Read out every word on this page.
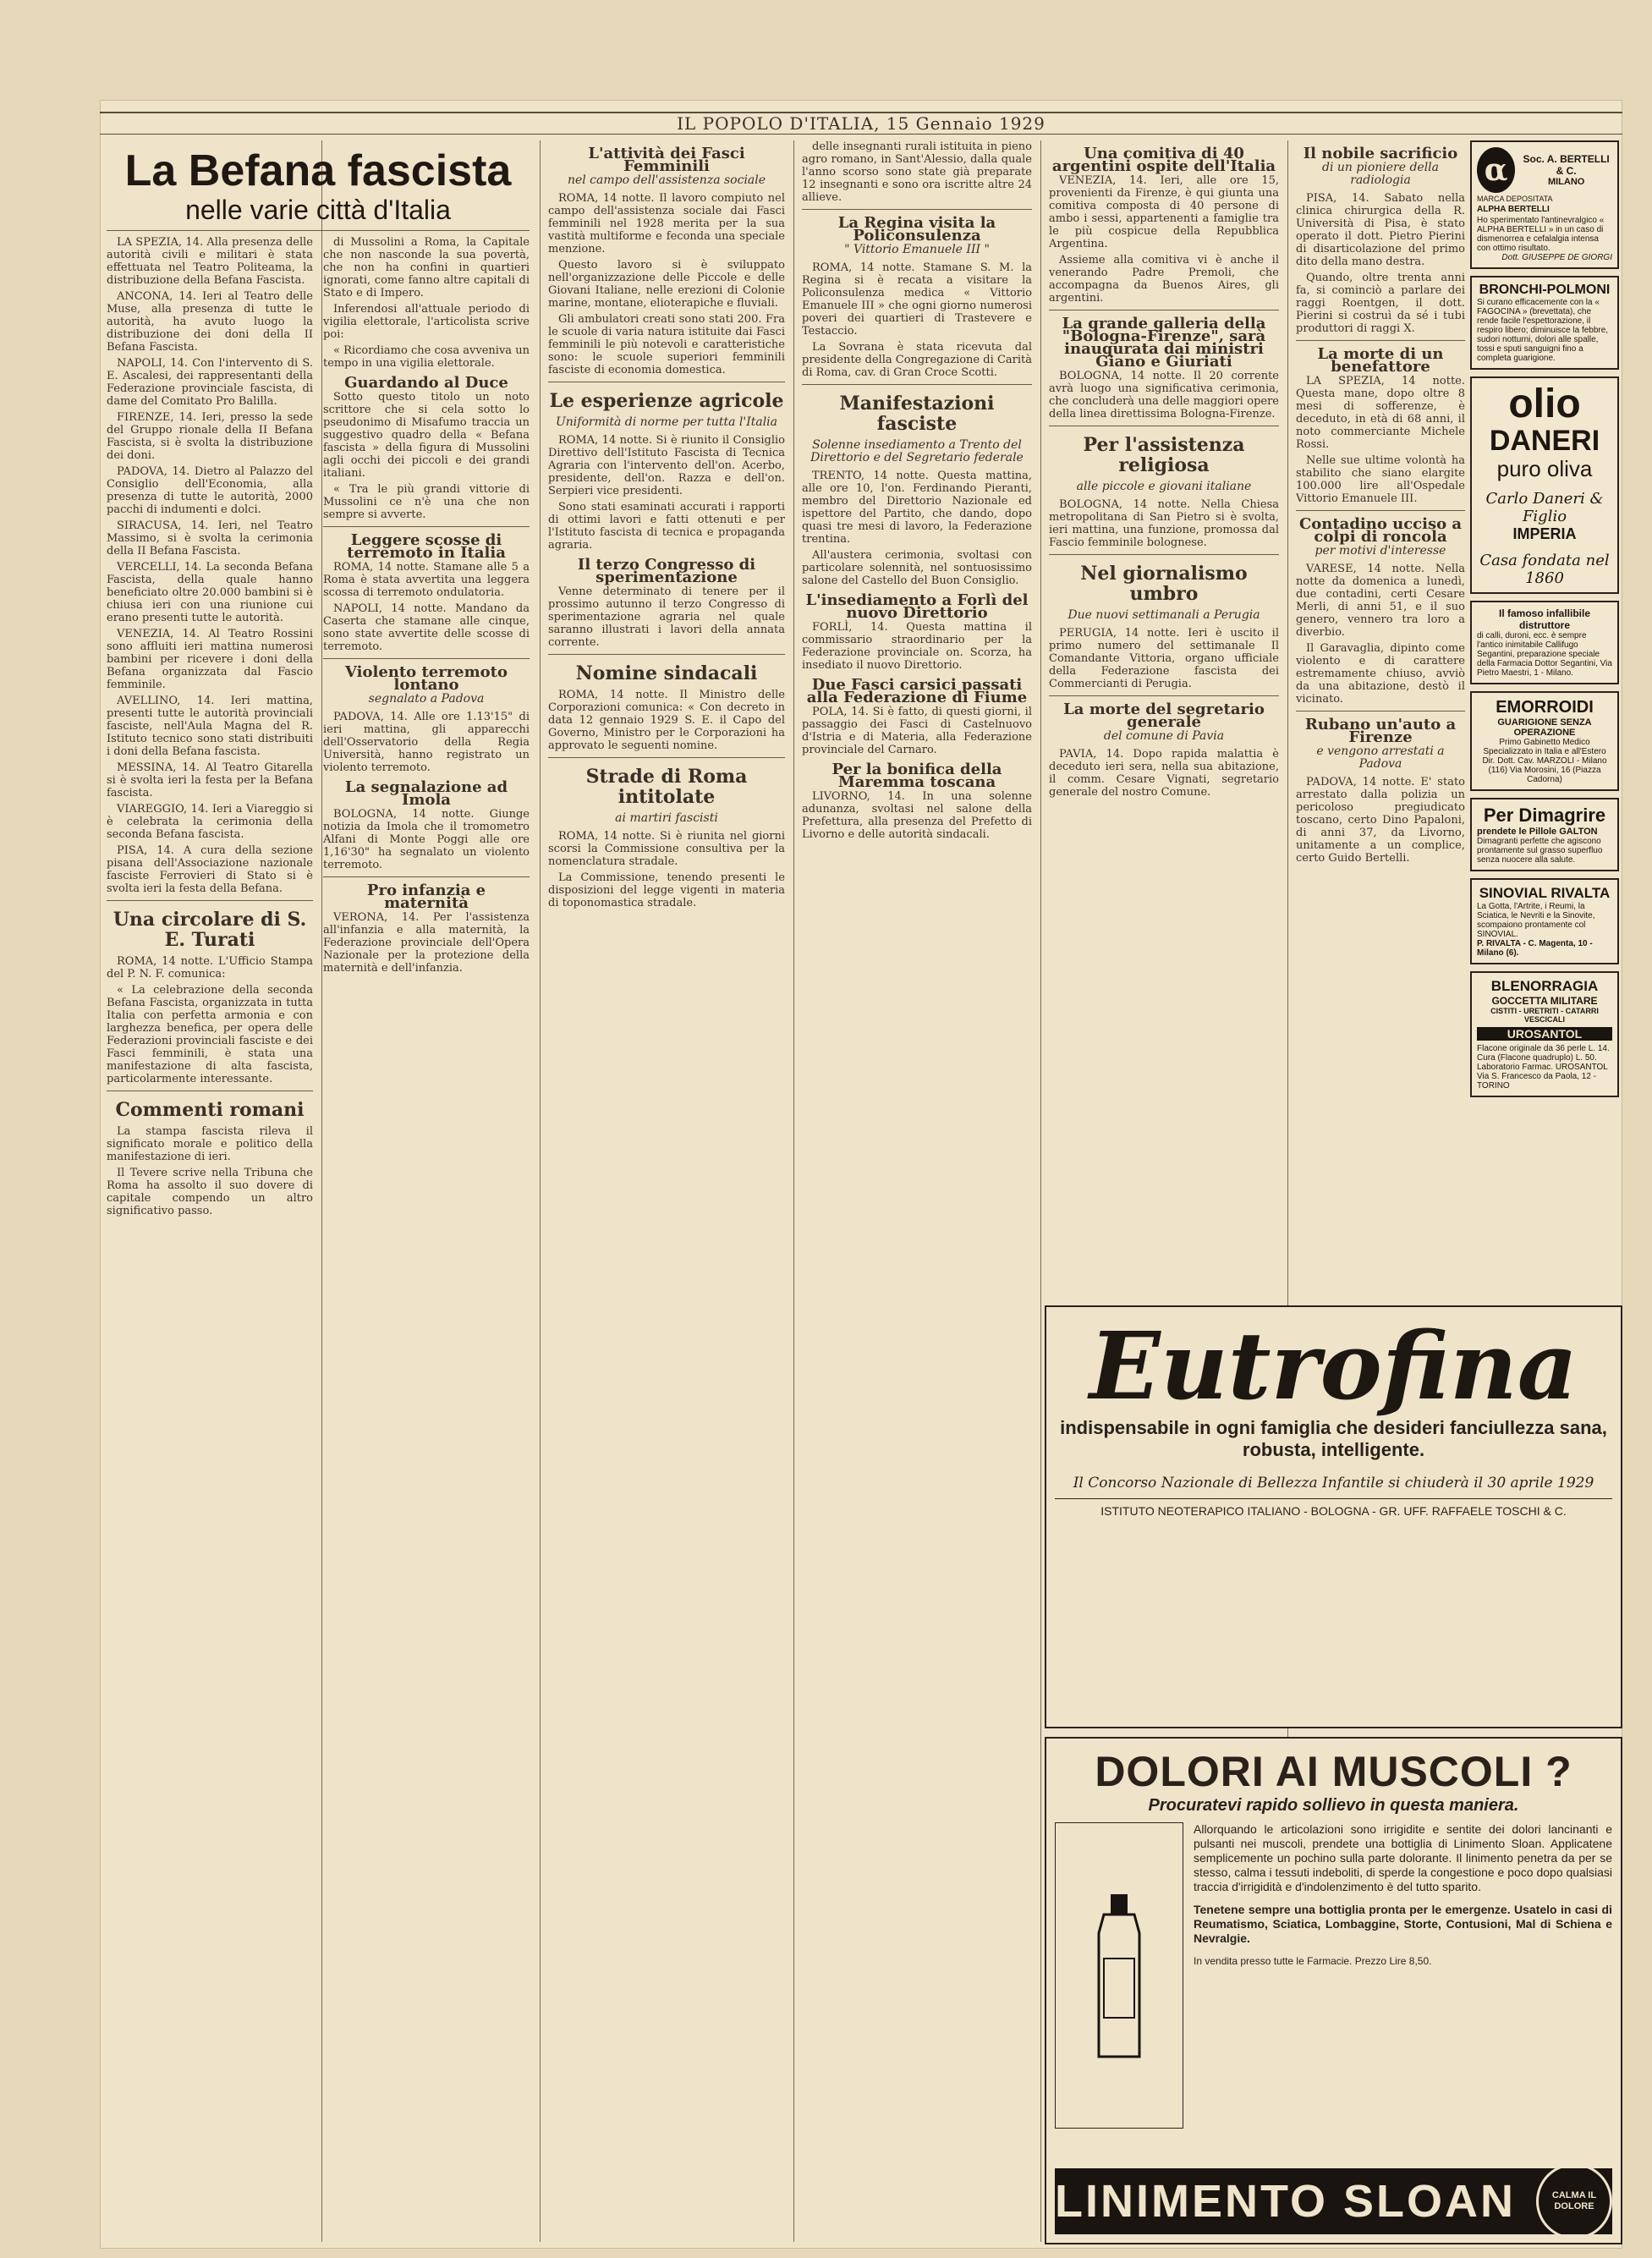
IL POPOLO D'ITALIA, 15 Gennaio 1929
La Befana fascista
nelle varie città d'Italia

LA SPEZIA, 14. Alla presenza delle autorità civili e militari è stata effettuata nel Teatro Politeama, la distribuzione della Befana Fascista.

ANCONA, 14. Ieri al Teatro delle Muse, alla presenza di tutte le autorità, ha avuto luogo la distribuzione dei doni della II Befana Fascista.

NAPOLI, 14. Con l'intervento di S. E. Ascalesi, dei rappresentanti della Federazione provinciale fascista, di dame del Comitato Pro Balilla.

FIRENZE, 14. Ieri, presso la sede del Gruppo rionale della II Befana Fascista, si è svolta la distribuzione dei doni.

PADOVA, 14. Dietro al Palazzo del Consiglio dell'Economia, alla presenza di tutte le autorità, 2000 pacchi di indumenti e dolci.

SIRACUSA, 14. Ieri, nel Teatro Massimo, si è svolta la cerimonia della II Befana Fascista.

VERCELLI, 14. La seconda Befana Fascista, della quale hanno beneficiato oltre 20.000 bambini si è chiusa ieri con una riunione cui erano presenti tutte le autorità.

VENEZIA, 14. Al Teatro Rossini sono affluiti ieri mattina numerosi bambini per ricevere i doni della Befana organizzata dal Fascio femminile.

AVELLINO, 14. Ieri mattina, presenti tutte le autorità provinciali fasciste, nell'Aula Magna del R. Istituto tecnico sono stati distribuiti i doni della Befana fascista.

MESSINA, 14. Al Teatro Gitarella si è svolta ieri la festa per la Befana fascista.

VIAREGGIO, 14. Ieri a Viareggio si è celebrata la cerimonia della seconda Befana fascista.

PISA, 14. A cura della sezione pisana dell'Associazione nazionale fasciste Ferrovieri di Stato si è svolta ieri la festa della Befana.

Una circolare di S. E. Turati

ROMA, 14 notte. L'Ufficio Stampa del P. N. F. comunica:

« La celebrazione della seconda Befana Fascista, organizzata in tutta Italia con perfetta armonia e con larghezza benefica, per opera delle Federazioni provinciali fasciste e dei Fasci femminili, è stata una manifestazione di alta fascista, particolarmente interessante.

Commenti romani

La stampa fascista rileva il significato morale e politico della manifestazione di ieri.

Il Tevere scrive nella Tribuna che Roma ha assolto il suo dovere di capitale compendo un altro significativo passo.

di Mussolini a Roma, la Capitale che non nasconde la sua povertà, che non ha confini in quartieri ignorati, come fanno altre capitali di Stato e di Impero.

Inferendosi all'attuale periodo di vigilia elettorale, l'articolista scrive poi:

« Ricordiamo che cosa avveniva un tempo in una vigilia elettorale.

Guardando al Duce

Sotto questo titolo un noto scrittore che si cela sotto lo pseudonimo di Misafumo traccia un suggestivo quadro della « Befana fascista » della figura di Mussolini agli occhi dei piccoli e dei grandi italiani.

« Tra le più grandi vittorie di Mussolini ce n'è una che non sempre si avverte.

Leggere scosse di terremoto in Italia

ROMA, 14 notte. Stamane alle 5 a Roma è stata avvertita una leggera scossa di terremoto ondulatoria.

NAPOLI, 14 notte. Mandano da Caserta che stamane alle cinque, sono state avvertite delle scosse di terremoto.

Violento terremoto lontano
segnalato a Padova

PADOVA, 14. Alle ore 1.13'15" di ieri mattina, gli apparecchi dell'Osservatorio della Regia Università, hanno registrato un violento terremoto.

La segnalazione ad Imola

BOLOGNA, 14 notte. Giunge notizia da Imola che il tromometro Alfani di Monte Poggi alle ore 1,16'30" ha segnalato un violento terremoto.

Pro infanzia e maternità

VERONA, 14. Per l'assistenza all'infanzia e alla maternità, la Federazione provinciale dell'Opera Nazionale per la protezione della maternità e dell'infanzia.

L'attività dei Fasci Femminili
nel campo dell'assistenza sociale

ROMA, 14 notte. Il lavoro compiuto nel campo dell'assistenza sociale dai Fasci femminili nel 1928 merita per la sua vastità multiforme e feconda una speciale menzione.

Questo lavoro si è sviluppato nell'organizzazione delle Piccole e delle Giovani Italiane, nelle erezioni di Colonie marine, montane, elioterapiche e fluviali.

Gli ambulatori creati sono stati 200. Fra le scuole di varia natura istituite dai Fasci femminili le più notevoli e caratteristiche sono: le scuole superiori femminili fasciste di economia domestica.

Le esperienze agricole
Uniformità di norme per tutta l'Italia

ROMA, 14 notte. Si è riunito il Consiglio Direttivo dell'Istituto Fascista di Tecnica Agraria con l'intervento dell'on. Acerbo, presidente, dell'on. Razza e dell'on. Serpieri vice presidenti.

Sono stati esaminati accurati i rapporti di ottimi lavori e fatti ottenuti e per l'Istituto fascista di tecnica e propaganda agraria.

Il terzo Congresso di sperimentazione

Venne determinato di tenere per il prossimo autunno il terzo Congresso di sperimentazione agraria nel quale saranno illustrati i lavori della annata corrente.

Nomine sindacali

ROMA, 14 notte. Il Ministro delle Corporazioni comunica: « Con decreto in data 12 gennaio 1929 S. E. il Capo del Governo, Ministro per le Corporazioni ha approvato le seguenti nomine.

Strade di Roma intitolate
ai martiri fascisti

ROMA, 14 notte. Si è riunita nel giorni scorsi la Commissione consultiva per la nomenclatura stradale.

La Commissione, tenendo presenti le disposizioni del legge vigenti in materia di toponomastica stradale.

delle insegnanti rurali istituita in pieno agro romano, in Sant'Alessio, dalla quale l'anno scorso sono state già preparate 12 insegnanti e sono ora iscritte altre 24 allieve.

La Regina visita la Policonsulenza
" Vittorio Emanuele III "

ROMA, 14 notte. Stamane S. M. la Regina si è recata a visitare la Policonsulenza medica « Vittorio Emanuele III » che ogni giorno numerosi poveri dei quartieri di Trastevere e Testaccio.

La Sovrana è stata ricevuta dal presidente della Congregazione di Carità di Roma, cav. di Gran Croce Scotti.

Manifestazioni fasciste
Solenne insediamento a Trento del Direttorio e del Segretario federale

TRENTO, 14 notte. Questa mattina, alle ore 10, l'on. Ferdinando Pieranti, membro del Direttorio Nazionale ed ispettore del Partito, che dando, dopo quasi tre mesi di lavoro, la Federazione trentina.

All'austera cerimonia, svoltasi con particolare solennità, nel sontuosissimo salone del Castello del Buon Consiglio.

L'insediamento a Forlì del nuovo Direttorio

FORLÌ, 14. Questa mattina il commissario straordinario per la Federazione provinciale on. Scorza, ha insediato il nuovo Direttorio.

Due Fasci carsici passati alla Federazione di Fiume

POLA, 14. Si è fatto, di questi giorni, il passaggio dei Fasci di Castelnuovo d'Istria e di Materia, alla Federazione provinciale del Carnaro.

Per la bonifica della Maremma toscana

LIVORNO, 14. In una solenne adunanza, svoltasi nel salone della Prefettura, alla presenza del Prefetto di Livorno e delle autorità sindacali.

Una comitiva di 40 argentini ospite dell'Italia

VENEZIA, 14. Ieri, alle ore 15, provenienti da Firenze, è qui giunta una comitiva composta di 40 persone di ambo i sessi, appartenenti a famiglie tra le più cospicue della Repubblica Argentina.

Assieme alla comitiva vi è anche il venerando Padre Premoli, che accompagna da Buenos Aires, gli argentini.

La grande galleria della "Bologna-Firenze", sarà inaugurata dai ministri Giano e Giuriati

BOLOGNA, 14 notte. Il 20 corrente avrà luogo una significativa cerimonia, che concluderà una delle maggiori opere della linea direttissima Bologna-Firenze.

Per l'assistenza religiosa
alle piccole e giovani italiane

BOLOGNA, 14 notte. Nella Chiesa metropolitana di San Pietro si è svolta, ieri mattina, una funzione, promossa dal Fascio femminile bolognese.

Nel giornalismo umbro
Due nuovi settimanali a Perugia

PERUGIA, 14 notte. Ieri è uscito il primo numero del settimanale Il Comandante Vittoria, organo ufficiale della Federazione fascista dei Commercianti di Perugia.

La morte del segretario generale
del comune di Pavia

PAVIA, 14. Dopo rapida malattia è deceduto ieri sera, nella sua abitazione, il comm. Cesare Vignati, segretario generale del nostro Comune.

Il nobile sacrificio
di un pioniere della radiologia

PISA, 14. Sabato nella clinica chirurgica della R. Università di Pisa, è stato operato il dott. Pietro Pierini di disarticolazione del primo dito della mano destra.

Quando, oltre trenta anni fa, si cominciò a parlare dei raggi Roentgen, il dott. Pierini si costruì da sé i tubi produttori di raggi X.

La morte di un benefattore

LA SPEZIA, 14 notte. Questa mane, dopo oltre 8 mesi di sofferenze, è deceduto, in età di 68 anni, il noto commerciante Michele Rossi.

Nelle sue ultime volontà ha stabilito che siano elargite 100.000 lire all'Ospedale Vittorio Emanuele III.

Contadino ucciso a colpi di roncola
per motivi d'interesse

VARESE, 14 notte. Nella notte da domenica a lunedì, due contadini, certi Cesare Merli, di anni 51, e il suo genero, vennero tra loro a diverbio.

Il Garavaglia, dipinto come violento e di carattere estremamente chiuso, avviò da una abitazione, destò il vicinato.

Rubano un'auto a Firenze
e vengono arrestati a Padova

PADOVA, 14 notte. E' stato arrestato dalla polizia un pericoloso pregiudicato toscano, certo Dino Papaloni, di anni 37, da Livorno, unitamente a un complice, certo Guido Bertelli.

α	Soc. A. BERTELLI & C.
MILANO
MARCA DEPOSITATA
ALPHA BERTELLI
Ho sperimentato l'antinevralgico « ALPHA BERTELLI » in un caso di dismenorrea e cefalalgia intensa con ottimo risultato.
Dott. GIUSEPPE DE GIORGI
BRONCHI-POLMONI
Si curano efficacemente con la « FAGOCINA » (brevettata), che rende facile l'espettorazione, il respiro libero; diminuisce la febbre, sudori notturni, dolori alle spalle, tossi e sputi sanguigni fino a completa guarigione.
olio
DANERI
puro oliva
Carlo Daneri & Figlio
IMPERIA
Casa fondata nel 1860
Il famoso infallibile distruttore
di calli, duroni, ecc. è sempre l'antico inimitabile Callifugo Segantini, preparazione speciale della Farmacia Dottor Segantini, Via Pietro Maestri, 1 - Milano.
EMORROIDI
GUARIGIONE SENZA OPERAZIONE
Primo Gabinetto Medico Specializzato in Italia e all'Estero
Dir. Dott. Cav. MARZOLI - Milano (116) Via Morosini, 16 (Piazza Cadorna)
Per Dimagrire
prendete le Pillole GALTON
Dimagranti perfette che agiscono prontamente sul grasso superfluo senza nuocere alla salute.
SINOVIAL RIVALTA
La Gotta, l'Artrite, i Reumi, la Sciatica, le Nevriti e la Sinovite, scompaiono prontamente col SINOVIAL.
P. RIVALTA - C. Magenta, 10 - Milano (6).
BLENORRAGIA
GOCCETTA MILITARE
CISTITI - URETRITI - CATARRI VESCICALI
UROSANTOL
Flacone originale da 36 perle L. 14. Cura (Flacone quadruplo) L. 50.
Laboratorio Farmac. UROSANTOL Via S. Francesco da Paola, 12 - TORINO
Eutrofina
indispensabile in ogni famiglia che desideri fanciullezza sana, robusta, intelligente.
Il Concorso Nazionale di Bellezza Infantile si chiuderà il 30 aprile 1929
ISTITUTO NEOTERAPICO ITALIANO - BOLOGNA - GR. UFF. RAFFAELE TOSCHI & C.
DOLORI AI MUSCOLI ?
Procuratevi rapido sollievo in questa maniera.
Allorquando le articolazioni sono irrigidite e sentite dei dolori lancinanti e pulsanti nei muscoli, prendete una bottiglia di Linimento Sloan. Applicatene semplicemente un pochino sulla parte dolorante. Il linimento penetra da per se stesso, calma i tessuti indeboliti, di sperde la congestione e poco dopo qualsiasi traccia d'irrigidità e d'indolenzimento è del tutto sparito.
Tenetene sempre una bottiglia pronta per le emergenze. Usatelo in casi di Reumatismo, Sciatica, Lombaggine, Storte, Contusioni, Mal di Schiena e Nevralgie.
In vendita presso tutte le Farmacie. Prezzo Lire 8,50.
LINIMENTO SLOAN	CALMA IL DOLORE
